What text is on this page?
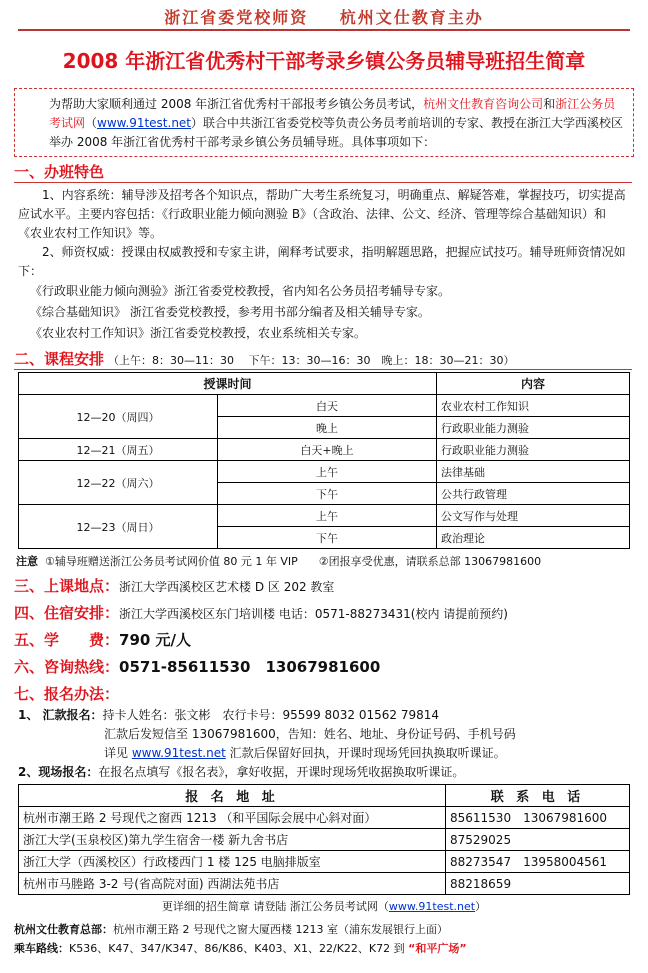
浙江省委党校师资 杭州文仕教育主办
2008 年浙江省优秀村干部考录乡镇公务员辅导班招生简章
为帮助大家顺利通过 2008 年浙江省优秀村干部报考乡镇公务员考试，杭州文仕教育咨询公司和浙江公务员考试网（www.91test.net）联合中共浙江省委党校等负责公务员考前培训的专家、教授在浙江大学西溪校区举办 2008 年浙江省优秀村干部考录乡镇公务员辅导班。具体事项如下：
一、办班特色
1、内容系统：辅导涉及招考各个知识点，帮助广大考生系统复习，明确重点、解疑答难，掌握技巧，切实提高应试水平。主要内容包括：《行政职业能力倾向测验 B》（含政治、法律、公文、经济、管理等综合基础知识）和《农业农村工作知识》等。
2、师资权威：授课由权威教授和专家主讲，阐释考试要求，指明解题思路，把握应试技巧。辅导班师资情况如下：
《行政职业能力倾向测验》浙江省委党校教授，省内知名公务员招考辅导专家。
《综合基础知识》 浙江省委党校教授，参考用书部分编者及相关辅导专家。
《农业农村工作知识》浙江省委党校教授，农业系统相关专家。
二、课程安排 （上午：8：30—11：30　 下午：13：30—16：30　晚上：18：30—21：30）
授课时间		内容
12—20（周四）	白天	农业农村工作知识
	晚上	行政职业能力测验
12—21（周五）	白天+晚上	行政职业能力测验
12—22（周六）	上午	法律基础
	下午	公共行政管理
12—23（周日）	上午	公文写作与处理
	下午	政治理论
注意 ①辅导班赠送浙江公务员考试网价值 80 元 1 年 VIP ②团报享受优惠，请联系总部 13067981600
三、上课地点：浙江大学西溪校区艺术楼 D 区 202 教室
四、住宿安排：浙江大学西溪校区东门培训楼 电话：0571-88273431(校内 请提前预约)
五、学　　费：790 元/人
六、咨询热线：0571-85611530　13067981600
七、报名办法：
1、 汇款报名：持卡人姓名：张文彬　农行卡号：95599 8032 01562 79814
汇款后发短信至 13067981600，告知：姓名、地址、身份证号码、手机号码
详见 www.91test.net 汇款后保留好回执，开课时现场凭回执换取听课证。
2、现场报名：在报名点填写《报名表》，拿好收据，开课时现场凭收据换取听课证。
报 名 地 址	联 系 电 话
杭州市潮王路 2 号现代之窗西 1213 （和平国际会展中心斜对面）	85611530　13067981600
浙江大学(玉泉校区)第九学生宿舍一楼 新九舍书店	87529025
浙江大学（西溪校区）行政楼西门 1 楼 125 电脑排版室	88273547　13958004561
杭州市马塍路 3-2 号(省高院对面) 西湖法苑书店	88218659
更详细的招生简章 请登陆 浙江公务员考试网（www.91test.net）
杭州文仕教育总部：杭州市潮王路 2 号现代之窗大厦西楼 1213 室（浦东发展银行上面）
乘车路线：K536、K47、347/K347、86/K86、K403、X1、22/K22、K72 到 “和平广场”
